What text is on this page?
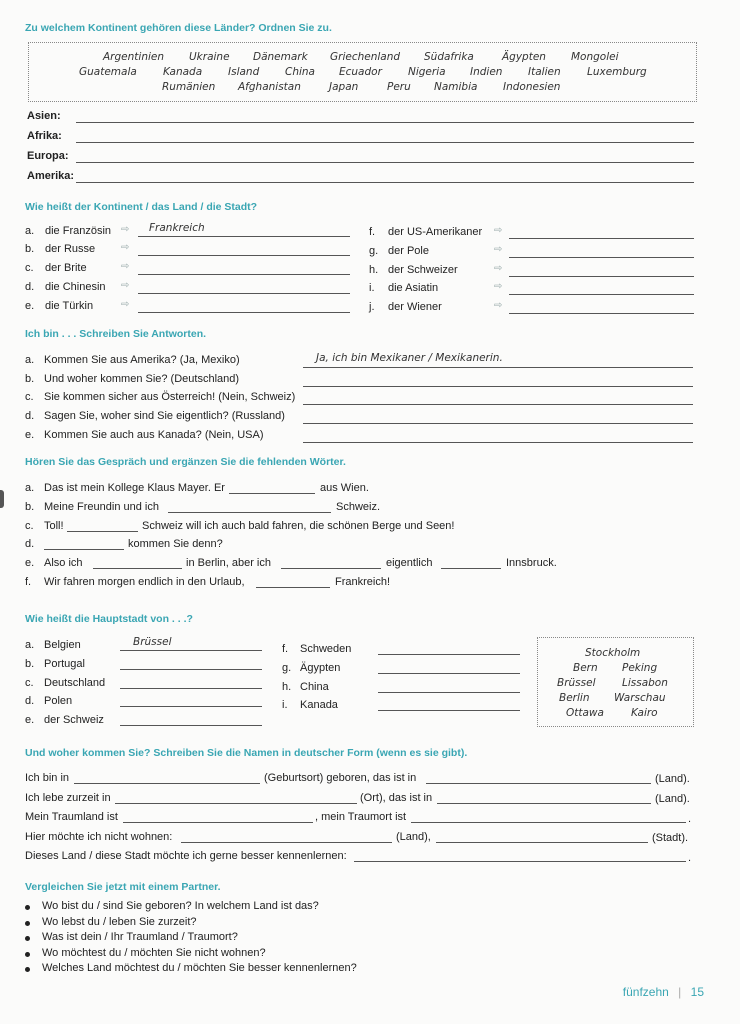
Zu welchem Kontinent gehören diese Länder? Ordnen Sie zu.
Argentinien Ukraine Dänemark Griechenland Südafrika	Ägypten Mongolei
Guatemala Kanada Island China Ecuador Nigeria Indien Italien	Luxemburg
Rumänien Afghanistan	Japan	Peru Namibia Indonesien
Asien:
Afrika:
Europa:
Amerika:
Wie heißt der Kontinent / das Land / die Stadt?
a. die Französin ⇨ Frankreich
b. der Russe	⇨
c. der Brite	⇨
d. die Chinesin ⇨
e. die Türkin	⇨
f. der US-Amerikaner ⇨
g. der Pole	⇨
h. der Schweizer	⇨
i. die Asiatin	⇨
j. der Wiener	⇨
Ich bin . . . Schreiben Sie Antworten.
a. Kommen Sie aus Amerika? (Ja, Mexiko)	Ja, ich bin Mexikaner / Mexikanerin.
b. Und woher kommen Sie? (Deutschland)
c. Sie kommen sicher aus Österreich! (Nein, Schweiz)
d. Sagen Sie, woher sind Sie eigentlich? (Russland)
e. Kommen Sie auch aus Kanada? (Nein, USA)
Hören Sie das Gespräch und ergänzen Sie die fehlenden Wörter.
a. Das ist mein Kollege Klaus Mayer. Er	aus Wien.
b. Meine Freundin und ich	Schweiz.
c. Toll!	Schweiz will ich auch bald fahren, die schönen Berge und Seen!
d.	kommen Sie denn?
e. Also ich	in Berlin, aber ich	eigentlich	Innsbruck.
f. Wir fahren morgen endlich in den Urlaub,	Frankreich!
Wie heißt die Hauptstadt von . . .?
a. Belgien	Brüssel
b. Portugal
c. Deutschland
d. Polen
e. der Schweiz
f. Schweden
g. Ägypten
h. China
i. Kanada
Stockholm
Bern Peking
Brüssel	Lissabon
Berlin Warschau
Ottawa	Kairo
Und woher kommen Sie? Schreiben Sie die Namen in deutscher Form (wenn es sie gibt).
Ich bin in	(Geburtsort) geboren, das ist in	(Land).
Ich lebe zurzeit in	(Ort), das ist in	(Land).
Mein Traumland ist	, mein Traumort ist	.
Hier möchte ich nicht wohnen:	(Land),	(Stadt).
Dieses Land / diese Stadt möchte ich gerne besser kennenlernen:	.
Vergleichen Sie jetzt mit einem Partner.
Wo bist du / sind Sie geboren? In welchem Land ist das?
Wo lebst du / leben Sie zurzeit?
Was ist dein / Ihr Traumland / Traumort?
Wo möchtest du / möchten Sie nicht wohnen?
Welches Land möchtest du / möchten Sie besser kennenlernen?
fünfzehn | 15
